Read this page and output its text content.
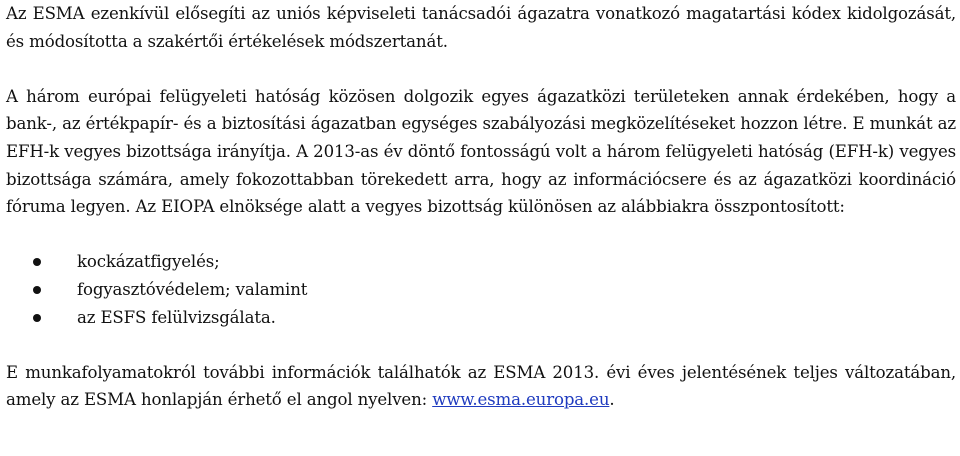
Az ESMA ezenkívül elősegíti az uniós képviseleti tanácsadói ágazatra vonatkozó magatartási kódex kidolgozását, és módosította a szakértői értékelések módszertanát.

A három európai felügyeleti hatóság közösen dolgozik egyes ágazatközi területeken annak érdekében, hogy a bank-, az értékpapír- és a biztosítási ágazatban egységes szabályozási megközelítéseket hozzon létre. E munkát az EFH-k vegyes bizottsága irányítja. A 2013-as év döntő fontosságú volt a három felügyeleti hatóság (EFH-k) vegyes bizottsága számára, amely fokozottabban törekedett arra, hogy az információcsere és az ágazatközi koordináció fóruma legyen. Az EIOPA elnöksége alatt a vegyes bizottság különösen az alábbiakra összpontosított:

kockázatfigyelés;
fogyasztóvédelem; valamint
az ESFS felülvizsgálata.

E munkafolyamatokról további információk találhatók az ESMA 2013. évi éves jelentésének teljes változatában, amely az ESMA honlapján érhető el angol nyelven: www.esma.europa.eu.
